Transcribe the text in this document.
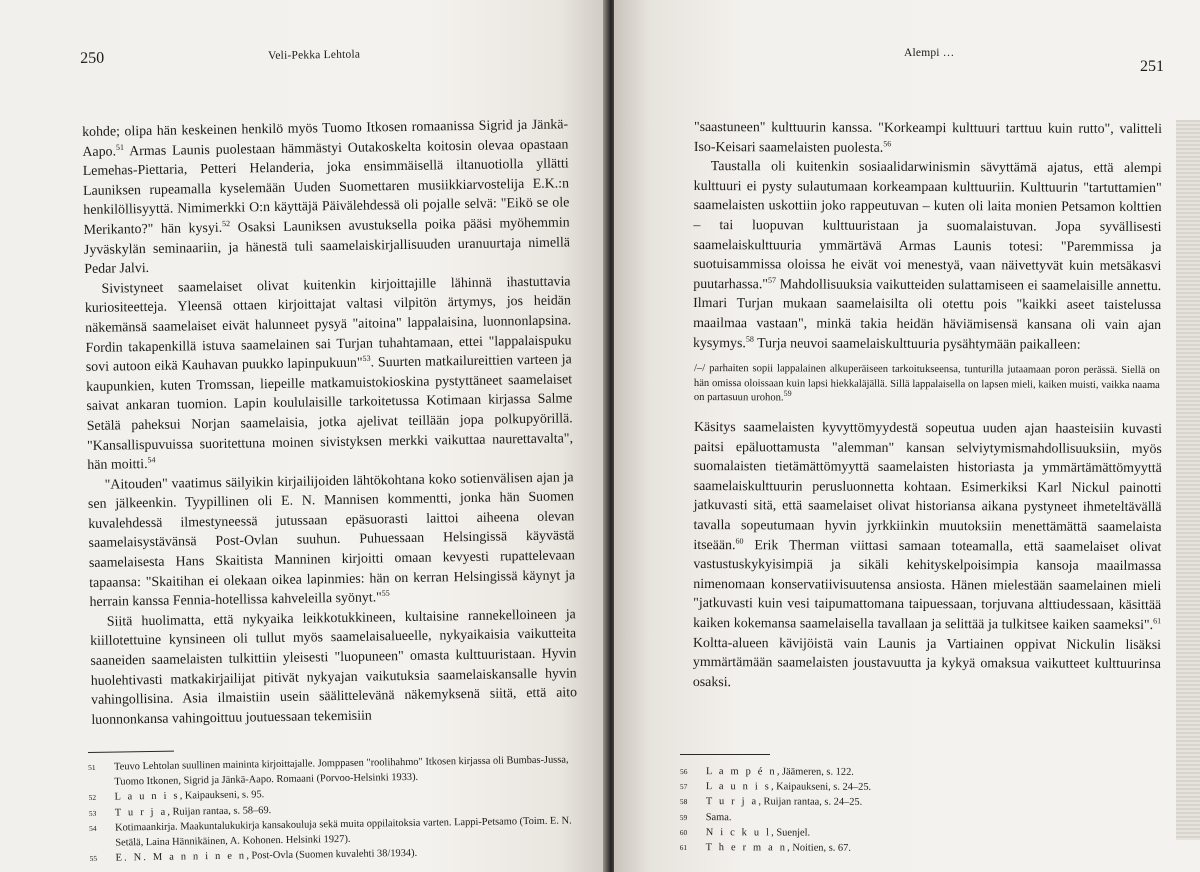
250	Veli-Pekka Lehtola

kohde; olipa hän keskeinen henkilö myös Tuomo Itkosen romaanissa Sigrid ja Jänkä-Aapo.$^{51}$ Armas Launis puolestaan hämmästyi Outakoskelta koitosin olevaa opastaan Lemehas-Piettaria, Petteri Helanderia, joka ensimmäisellä iltanuotiolla yllätti Launiksen rupeamalla kyselemään Uuden Suomettaren musiikkiarvostelija E.K.:n henkilöllisyyttä. Nimimerkki O:n käyttäjä Päivälehdessä oli pojalle selvä: "Eikö se ole Merikanto?" hän kysyi.$^{52}$ Osaksi Launiksen avustuksella poika pääsi myöhemmin Jyväskylän seminaariin, ja hänestä tuli saamelaiskirjallisuuden uranuurtaja nimellä Pedar Jalvi.

Sivistyneet saamelaiset olivat kuitenkin kirjoittajille lähinnä ihastuttavia kuriositeetteja. Yleensä ottaen kirjoittajat valtasi vilpitön ärtymys, jos heidän näkemänsä saamelaiset eivät halunneet pysyä "aitoina" lappalaisina, luonnonlapsina. Fordin takapenkillä istuva saamelainen sai Turjan tuhahtamaan, ettei "lappalaispuku sovi autoon eikä Kauhavan puukko lapinpukuun"$^{53}$. Suurten matkailureittien varteen ja kaupunkien, kuten Tromssan, liepeille matkamuistokioskina pystyttäneet saamelaiset saivat ankaran tuomion. Lapin koululaisille tarkoitetussa Kotimaan kirjassa Salme Setälä paheksui Norjan saamelaisia, jotka ajelivat teillään jopa polkupyörillä. "Kansallispuvuissa suoritettuna moinen sivistyksen merkki vaikuttaa naurettavalta", hän moitti.$^{54}$

"Aitouden" vaatimus säilyikin kirjailijoiden lähtökohtana koko sotienvälisen ajan ja sen jälkeenkin. Tyypillinen oli E. N. Mannisen kommentti, jonka hän Suomen kuvalehdessä ilmestyneessä jutussaan epäsuorasti laittoi aiheena olevan saamelaisystävänsä Post-Ovlan suuhun. Puhuessaan Helsingissä käyvästä saamelaisesta Hans Skaitista Manninen kirjoitti omaan kevyesti rupattelevaan tapaansa: "Skaitihan ei olekaan oikea lapinmies: hän on kerran Helsingissä käynyt ja herrain kanssa Fennia-hotellissa kahveleilla syönyt."$^{55}$

Siitä huolimatta, että nykyaika leikkotukkineen, kultaisine rannekelloineen ja kiillotettuine kynsineen oli tullut myös saamelaisalueelle, nykyaikaisia vaikutteita saaneiden saamelaisten tulkittiin yleisesti "luopuneen" omasta kulttuuristaan. Hyvin huolehtivasti matkakirjailijat pitivät nykyajan vaikutuksia saamelaiskansalle hyvin vahingollisina. Asia ilmaistiin usein säälittelevänä näkemyksenä siitä, että aito luonnonkansa vahingoittuu joutuessaan tekemisiin

51 Teuvo Lehtolan suullinen maininta kirjoittajalle. Jomppasen "roolihahmo" Itkosen kirjassa oli Bumbas-Jussa, Tuomo Itkonen, Sigrid ja Jänkä-Aapo. Romaani (Porvoo-Helsinki 1933).
52 L a u n i s, Kaipaukseni, s. 95.
53 T u r j a, Ruijan rantaa, s. 58–69.
54 Kotimaankirja. Maakuntalukukirja kansakouluja sekä muita oppilaitoksia varten. Lappi-Petsamo (Toim. E. N. Setälä, Laina Hännikäinen, A. Kohonen. Helsinki 1927).
55 E. N. M a n n i n e n, Post-Ovla (Suomen kuvalehti 38/1934).
Alempi …
251

"saastuneen" kulttuurin kanssa. "Korkeampi kulttuuri tarttuu kuin rutto", valitteli Iso-Keisari saamelaisten puolesta.$^{56}$

Taustalla oli kuitenkin sosiaalidarwinismin sävyttämä ajatus, että alempi kulttuuri ei pysty sulautumaan korkeampaan kulttuuriin. Kulttuurin "tartuttamien" saamelaisten uskottiin joko rappeutuvan – kuten oli laita monien Petsamon kolttien – tai luopuvan kulttuuristaan ja suomalaistuvan. Jopa syvällisesti saamelaiskulttuuria ymmärtävä Armas Launis totesi: "Paremmissa ja suotuisammissa oloissa he eivät voi menestyä, vaan näivettyvät kuin metsäkasvi puutarhassa."$^{57}$ Mahdollisuuksia vaikutteiden sulattamiseen ei saamelaisille annettu. Ilmari Turjan mukaan saamelaisilta oli otettu pois "kaikki aseet taistelussa maailmaa vastaan", minkä takia heidän häviämisensä kansana oli vain ajan kysymys.$^{58}$ Turja neuvoi saamelaiskulttuuria pysähtymään paikalleen:

/–/ parhaiten sopii lappalainen alkuperäiseen tarkoitukseensa, tunturilla jutaamaan poron perässä. Siellä on hän omissa oloissaan kuin lapsi hiekkaläjällä. Sillä lappalaisella on lapsen mieli, kaiken muisti, vaikka naama on partasuun urohon.$^{59}$

Käsitys saamelaisten kyvyttömyydestä sopeutua uuden ajan haasteisiin kuvasti paitsi epäluottamusta "alemman" kansan selviytymismahdollisuuksiin, myös suomalaisten tietämättömyyttä saamelaisten historiasta ja ymmärtämättömyyttä saamelaiskulttuurin perusluonnetta kohtaan. Esimerkiksi Karl Nickul painotti jatkuvasti sitä, että saamelaiset olivat historiansa aikana pystyneet ihmeteltävällä tavalla sopeutumaan hyvin jyrkkiinkin muutoksiin menettämättä saamelaista itseään.$^{60}$ Erik Therman viittasi samaan toteamalla, että saamelaiset olivat vastustuskykyisimpiä ja sikäli kehityskelpoisimpia kansoja maailmassa nimenomaan konservatiivisuutensa ansiosta. Hänen mielestään saamelainen mieli "jatkuvasti kuin vesi taipumattomana taipuessaan, torjuvana alttiudessaan, käsittää kaiken kokemansa saamelaisella tavallaan ja selittää ja tulkitsee kaiken saameksi".$^{61}$ Koltta-alueen kävijöistä vain Launis ja Vartiainen oppivat Nickulin lisäksi ymmärtämään saamelaisten joustavuutta ja kykyä omaksua vaikutteet kulttuurinsa osaksi.

56 L a m p é n, Jäämeren, s. 122.
57 L a u n i s, Kaipaukseni, s. 24–25.
58 T u r j a, Ruijan rantaa, s. 24–25.
59 Sama.
60 N i c k u l, Suenjel.
61 T h e r m a n, Noitien, s. 67.
